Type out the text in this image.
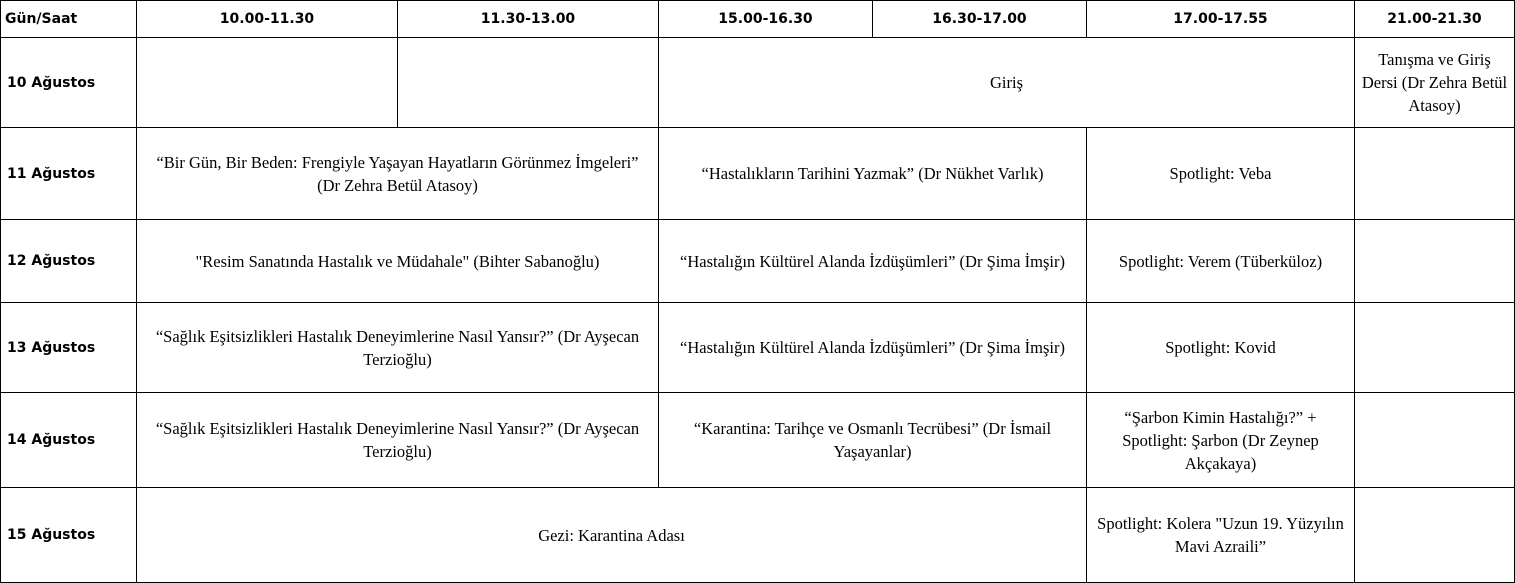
Gün/Saat	10.00-11.30	11.30-13.00	15.00-16.30	16.30-17.00	17.00-17.55	21.00-21.30
10 Ağustos			Giriş			Tanışma ve Giriş Dersi (Dr Zehra Betül Atasoy)
11 Ağustos	“Bir Gün, Bir Beden: Frengiyle Yaşayan Hayatların Görünmez İmgeleri” (Dr Zehra Betül Atasoy)		“Hastalıkların Tarihini Yazmak” (Dr Nükhet Varlık)		Spotlight: Veba	
12 Ağustos	"Resim Sanatında Hastalık ve Müdahale" (Bihter Sabanoğlu)		“Hastalığın Kültürel Alanda İzdüşümleri” (Dr Şima İmşir)		Spotlight: Verem (Tüberküloz)	
13 Ağustos	“Sağlık Eşitsizlikleri Hastalık Deneyimlerine Nasıl Yansır?” (Dr Ayşecan Terzioğlu)		“Hastalığın Kültürel Alanda İzdüşümleri” (Dr Şima İmşir)		Spotlight: Kovid	
14 Ağustos	“Sağlık Eşitsizlikleri Hastalık Deneyimlerine Nasıl Yansır?” (Dr Ayşecan Terzioğlu)		“Karantina: Tarihçe ve Osmanlı Tecrübesi” (Dr İsmail Yaşayanlar)		“Şarbon Kimin Hastalığı?” + Spotlight: Şarbon (Dr Zeynep Akçakaya)	
15 Ağustos	Gezi: Karantina Adası				Spotlight: Kolera "Uzun 19. Yüzyılın Mavi Azraili”	
